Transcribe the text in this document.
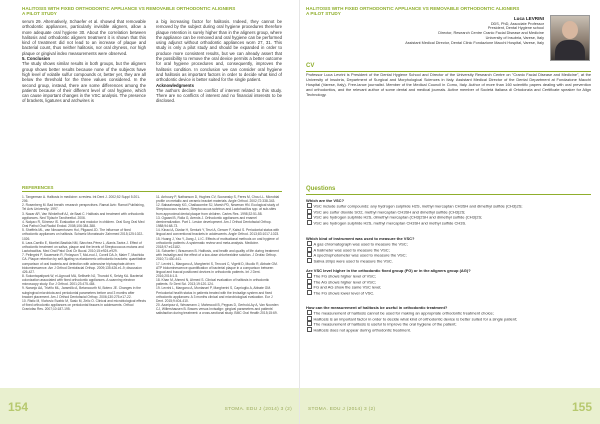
HALITOSIS WITH FIXED ORTHODONTIC APPLIANCE VS REMOVABLE ORTHODONTIC ALIGNERS
A PILOT STUDY

serum 29. Alternatively, Schaefer et al. showed that removable orthodontic appliances, particularly invisible aligners, allow a more adequate oral hygiene 30. About the correlation between halitosis and orthodontic aligners treatment it is shown that this kind of treatment did not lead to an increase of plaque and bacterial count, thus neither halitosis, nor oral dryness, nor high plaque or gingival index measurements were observed.

5. Conclusion

The study shows similar results in both groups, but the aligners group shows better results because none of the subjects have high level of volatile sulfur compounds or, better yet, they are all below the threshold for the three values considered. In the second group, instead, there are some differences among the patients because of their different level of oral hygiene, which can cause important changes in the VSC analysis. The presence of brackets, ligatures and archwires is

a big increasing factor for halitosis. Indeed, they cannot be removed by the subject during oral hygiene procedures therefore plaque retention is surely higher than in the aligners group, where the appliance can be removed and oral hygiene can be performed using adjunct without orthodontic appliances worn 27, 31. This study is only a pilot study and should be expanded in order to produce more consistent results, but we can already assert that the possibility to remove the oral device permits a better outcome for oral hygiene procedures and, consequently, improves the halitosis condition. In conclusion we can consider oral hygiene and halitosis as important factors in order to decide what kind of orthodontic device is better suited for the single patient.

Acknowledgments

The authors declare no conflict of interest related to this study. There are no conflicts of interest and no financial interests to be disclosed.

REFERENCES

1. Tangerman A. Halitosis in medicine: a review. Int Dent J. 2002;52 Suppl 5:201-206.

2. Rosenberg M. Bad breath: research perspectives. Ramat Aviv: Ramot Publishing, Tel Aviv University; 1997.

3. Nazar AR, Van Winkelhoff AJ, de Baat C. Halitosis and treatment with orthodontic appliances. Ned Tijdschr Tandheelkd. 2006.

4. Nalçacı R, Sönmez IS. Evaluation of oral malodor in children. Oral Surg Oral Med Oral Pathol Oral Radiol Endod. 2008;106:384-388.

5. Sheffels ML, van Nieuwenhoven Hol, Pilgaard JD. The influence of fixed orthodontic appliances on halitosis. Schweiz Monatsschr Zahnmed 2015;125:1022-1026.

6. Lara-Carrillo E, Montiel-Bastida NM, Sánchez-Pérez L, Alanís-Tavira J. Effect of orthodontic treatment on saliva, plaque and the levels of Streptococcus mutans and Lactobacillus. Med Oral Patol Oral Cir Bucal. 2010;15:e924-e929.

7. Pellegrini P, Sauerwein R, Finlayson T, McLeod J, Covell DA Jr, Maier T, Machida CA. Plaque retention by self-ligating vs elastomeric orthodontic brackets: quantitative comparison of oral bacteria and detection with adenosine triphosphate-driven bioluminescence. Am J Orthod Dentofacial Orthop. 2009;135:426.e1-9; discussion 426-427.

8. Sukontapatipark W, el-Agroudi MA, Selliseth NJ, Thunold K, Selvig KA. Bacterial colonization associated with fixed orthodontic appliances. A scanning electron microscopy study. Eur J Orthod. 2001;23:475-484.

9. Naranjo AA, Triviño ML, Jaramillo A, Betancourth M, Botero JE. Changes in the subgingival microbiota and periodontal parameters before and 3 months after bracket placement. Am J Orthod Dentofacial Orthop. 2006;130:275.e17-22.

10. Ristic M, Vlahovic Svabic M, Sasic M, Zelic O. Clinical and microbiological effects of fixed orthodontic appliances on periodontal tissues in adolescents. Orthod Craniofac Res. 2007;10:187-195.

11. Anhoury P, Nathanson D, Hughes CV, Socransky S, Feres M, Chou LL. Microbial profile on metallic and ceramic bracket materials. Angle Orthod. 2002;72:338-343.

12. Babaahmady KG, Challacombe SJ, Marsh PD, Newman HN. Ecological study of Streptococcus mutans, Streptococcus sobrinus and Lactobacillus spp. at sub-sites from approximal dental plaque from children. Caries Res. 1998;32:51-58.

13. Ogaard B, Rolla G, Arends J. Orthodontic appliances and enamel demineralization. Part 1. Lesion development. Am J Orthod Dentofacial Orthop. 1988;94:68-73.

14. Kinaci A, Dizdar H, Senturk Y, Terzi A, Gencer F, Kabul S. Periodontal status with lingual and conventional brackets in adolescents. Angle Orthod. 2013;83:1017-1023.

15. Huang J, Yao Y, Jiang J, Li C. Effects of motivational methods on oral hygiene of orthodontic patients: A systematic review and meta-analysis. Medicine. 2018;97:e13182.

16. Schaefer I, Braumann B. Halitosis, oral health and quality of life during treatment with Invisalign and the effect of a low-dose chlorhexidine solution. J Orofac Orthop. 2010;71:430-441.

17. Levrini L, Mangano A, Margherini S, Tenconi C, Vigetti D, Muollo R, Abbate GM. ATP bioluminescence quantification of bacterial plaque in a comparison between lingual and buccal positioned devices in orthodontic patients. Int J Dent. 2016;2016:1-5.

18. Khan M, Ahmed N, Ahmed S. Clinical evaluation of halitosis in orthodontic patients. Sr Dent Sci. 2013;19:120-124.

19. Levrini L, Mangano A, Montanari P, Margherini S, Caprioglio A, Abbate GM. Periodontal health status in patients treated with the Invisalign system and fixed orthodontic appliances: A 3 months clinical and microbiological evaluation. Eur J Dent. 2015;9:404-410.

20. Azaripour A, Weusmann J, Mahmoodi B, Peppas D, Gerhold-Ay A, Van Noorden CJ, Willershausen B. Braces versus Invisalign: gingival parameters and patients' satisfaction during treatment: a cross-sectional study. BMC Oral Health 2015;15:69.

154	STOMA. EDU J (2014) 3 (2)
HALITOSIS WITH FIXED ORTHODONTIC APPLIANCE VS REMOVABLE ORTHODONTIC ALIGNERS
A PILOT STUDY
Luca LEVRINI
DDS, PhD, Associate Professor
President, Dental Hygiene school
Director, Research Centre Cranio Facial Disease and Medicine
University of Insubria, Varese, Italy
Assistant Medical Director, Dental Clinic Fondazione Macchi Hospital, Varese, Italy
CV
Professor Luca Levrini is President of the Dental Hygiene School and Director of the University Research Centre on "Cranio Facial Disease and Medicine", at the University of Insubria, Department of Surgical and Morphological Sciences in Italy. Assistant Medical Director of the Dental Department at Fondazione Macchi Hospital (Varese, Italy). Free-lance journalist. Member of the Medical Council in Como, Italy. Author of more than 160 scientific papers dealing with oral prevention and orthodontics, and the relevant author of some dental and medical journals. Active member of Società Italiana di Ortodonzia and Certificate speaker for Align Technology.
Questions
Which are the VSC?
VSC include sulfur compounds: any hydrogen sulphide H2S, methyl mercaptan CH3SH and dimethyl sulfide (CH3)2S;
VSC are sulfur dioxide SO2, methyl mercaptan CH3SH and dimethyl sulfide (CH3)2S;
VSC are hydrogen sulphide H2S, dimethyl mercaptan (CH3)2SH and dimethyl sulfide (CH3)2S;
VSC are hydrogen sulphide H2S, methyl mercaptan CH3SH and methyl sulfide CH3S.
Which kind of instrument was used to measure the VSC?
A gas chromatograph was used to measure the VSC;
A halimeter was used to measure the VSC;
A spectrophotometer was used to measure the VSC;
Saliva strips were used to measure the VSC.
Are VSC level higher in the orthodontic fixed group (FG) or in the aligners group (AG)?
The FG shows higher level of VSC;
The AG shows higher level of VSC;
FG and AG show the same VSC level;
The FG shows lower level of VSC.
How can the measurement of halitosis be useful in orthodontic treatment?
The measurement of halitosis cannot be used for making an appropriate orthodontic treatment choice;
Halitosis is an important factor in order to decide what kind of orthodontic device is better suited for a single patient;
The measurement of halitosis is useful to improve the oral hygiene of the patient;
Halitosis does not appear during orthodontic treatment.
STOMA. EDU J (2014) 3 (2)	155
